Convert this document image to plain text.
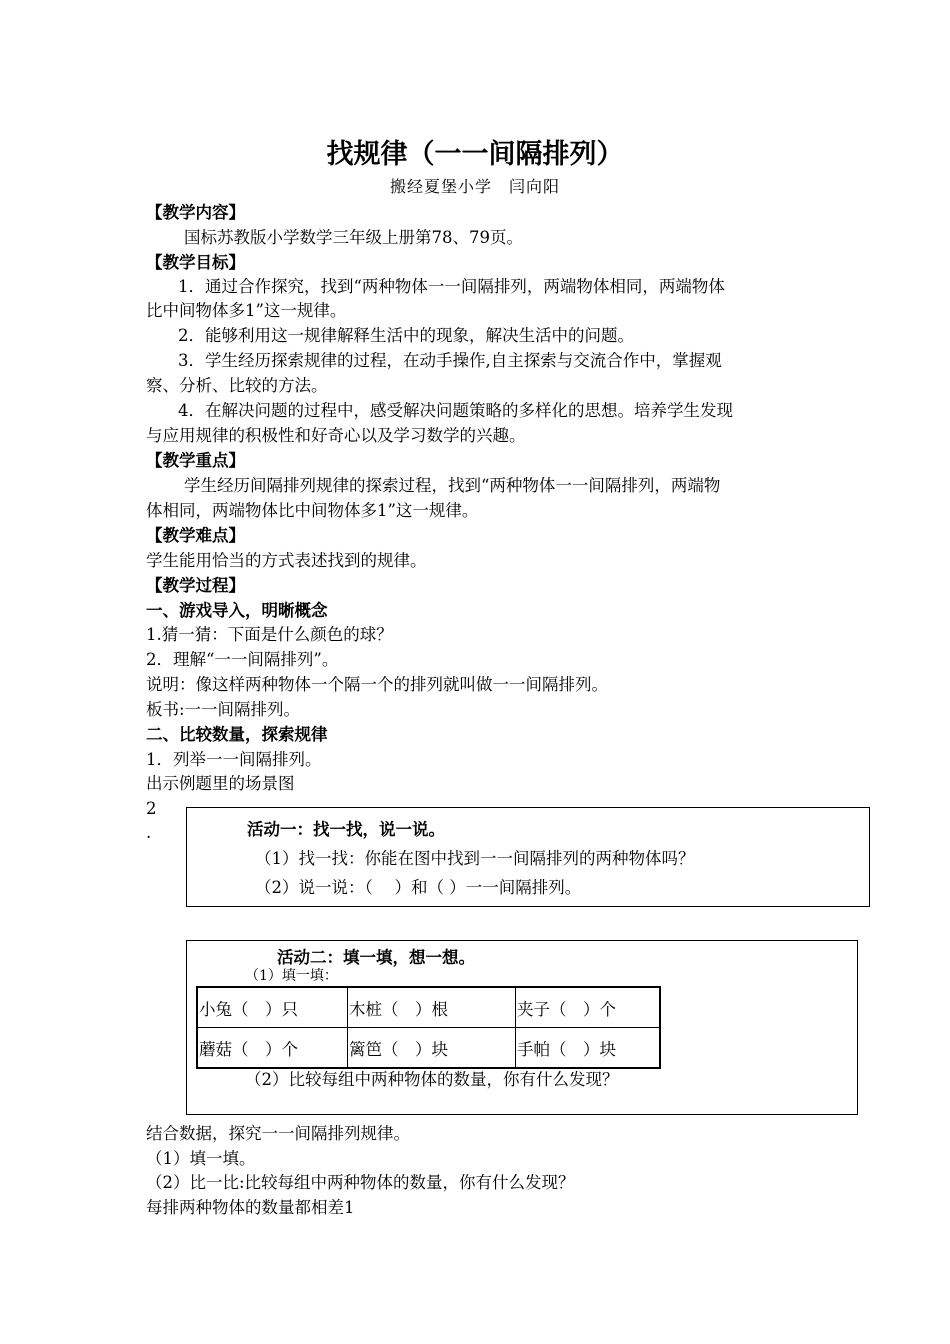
找规律（一一间隔排列）
搬经夏堡小学　闫向阳
【教学内容】
国标苏教版小学数学三年级上册第78、79页。
【教学目标】
1．通过合作探究，找到“两种物体一一间隔排列，两端物体相同，两端物体
比中间物体多1”这一规律。
2．能够利用这一规律解释生活中的现象，解决生活中的问题。
3．学生经历探索规律的过程，在动手操作,自主探索与交流合作中，掌握观
察、分析、比较的方法。
4．在解决问题的过程中，感受解决问题策略的多样化的思想。培养学生发现
与应用规律的积极性和好奇心以及学习数学的兴趣。
【教学重点】
学生经历间隔排列规律的探索过程，找到“两种物体一一间隔排列，两端物
体相同，两端物体比中间物体多1”这一规律。
【教学难点】
学生能用恰当的方式表述找到的规律。
【教学过程】
一、游戏导入，明晰概念
1.猜一猜：下面是什么颜色的球？
2．理解“一一间隔排列”。
说明：像这样两种物体一个隔一个的排列就叫做一一间隔排列。
板书:一一间隔排列。
二、比较数量，探索规律
1．列举一一间隔排列。
出示例题里的场景图
2
.	活动一：找一找，说一说。
（1）找一找：你能在图中找到一一间隔排列的两种物体吗？
（2）说一说：（　 ）和（ ）一一间隔排列。
活动二：填一填，想一想。
（1）填一填：
（2）比较每组中两种物体的数量，你有什么发现？
小兔（　）只	木桩（　）根	夹子（　）个
蘑菇（　）个	篱笆（　）块	手帕（　）块
结合数据，探究一一间隔排列规律。
（1）填一填。
（2）比一比:比较每组中两种物体的数量，你有什么发现？
每排两种物体的数量都相差1
